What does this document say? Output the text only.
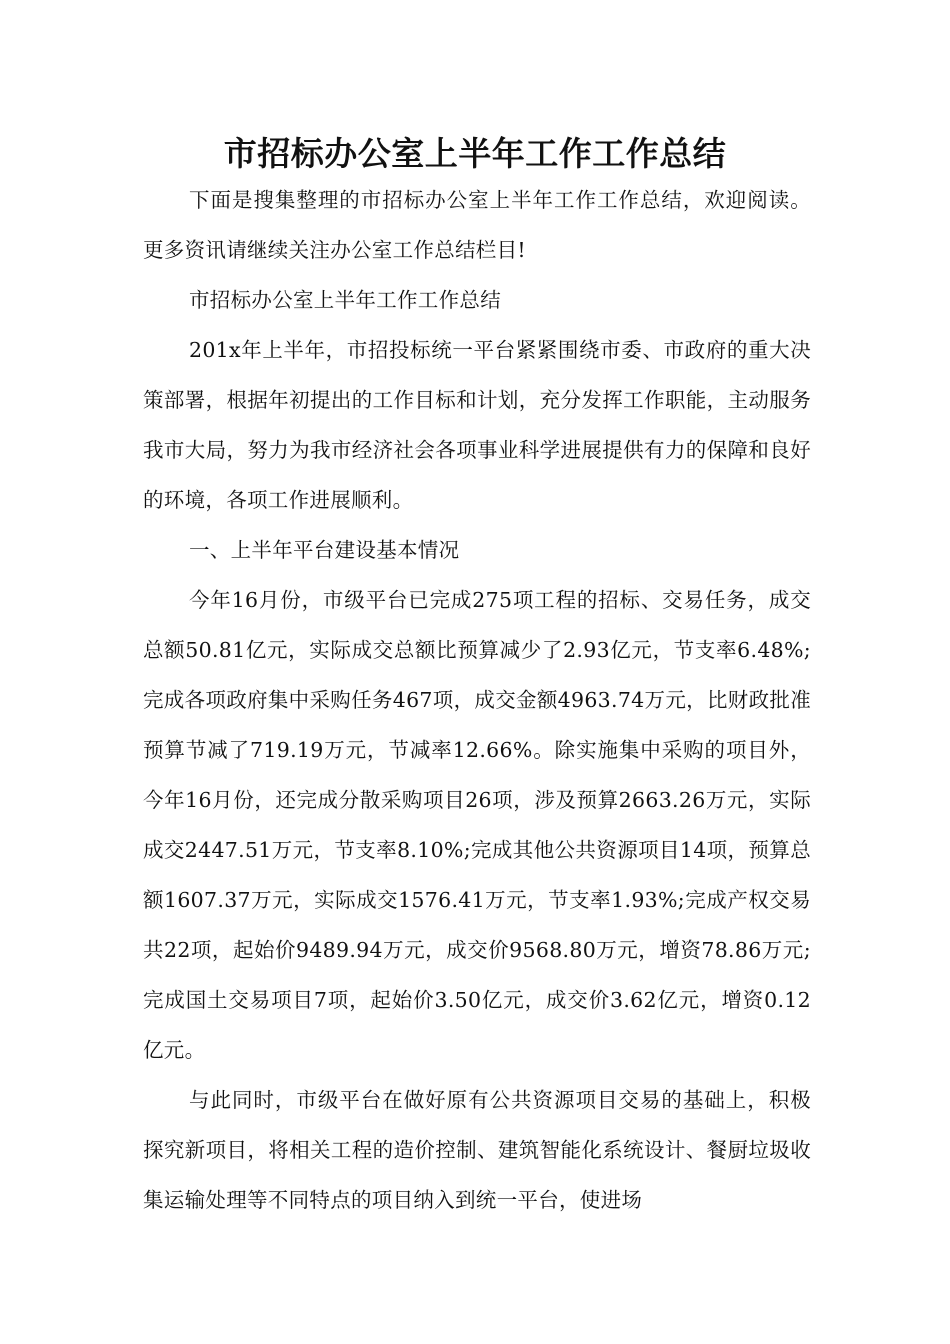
市招标办公室上半年工作工作总结

下面是搜集整理的市招标办公室上半年工作工作总结，欢迎阅读。更多资讯请继续关注办公室工作总结栏目!

市招标办公室上半年工作工作总结

201x年上半年，市招投标统一平台紧紧围绕市委、市政府的重大决策部署，根据年初提出的工作目标和计划，充分发挥工作职能，主动服务我市大局，努力为我市经济社会各项事业科学进展提供有力的保障和良好的环境，各项工作进展顺利。

一、上半年平台建设基本情况

今年16月份，市级平台已完成275项工程的招标、交易任务，成交总额50.81亿元，实际成交总额比预算减少了2.93亿元，节支率6.48%;完成各项政府集中采购任务467项，成交金额4963.74万元，比财政批准预算节减了719.19万元，节减率12.66%。除实施集中采购的项目外，今年16月份，还完成分散采购项目26项，涉及预算2663.26万元，实际成交2447.51万元，节支率8.10%;完成其他公共资源项目14项，预算总额1607.37万元，实际成交1576.41万元，节支率1.93%;完成产权交易共22项，起始价9489.94万元，成交价9568.80万元，增资78.86万元;完成国土交易项目7项，起始价3.50亿元，成交价3.62亿元，增资0.12亿元。

与此同时，市级平台在做好原有公共资源项目交易的基础上，积极探究新项目，将相关工程的造价控制、建筑智能化系统设计、餐厨垃圾收集运输处理等不同特点的项目纳入到统一平台，使进场
